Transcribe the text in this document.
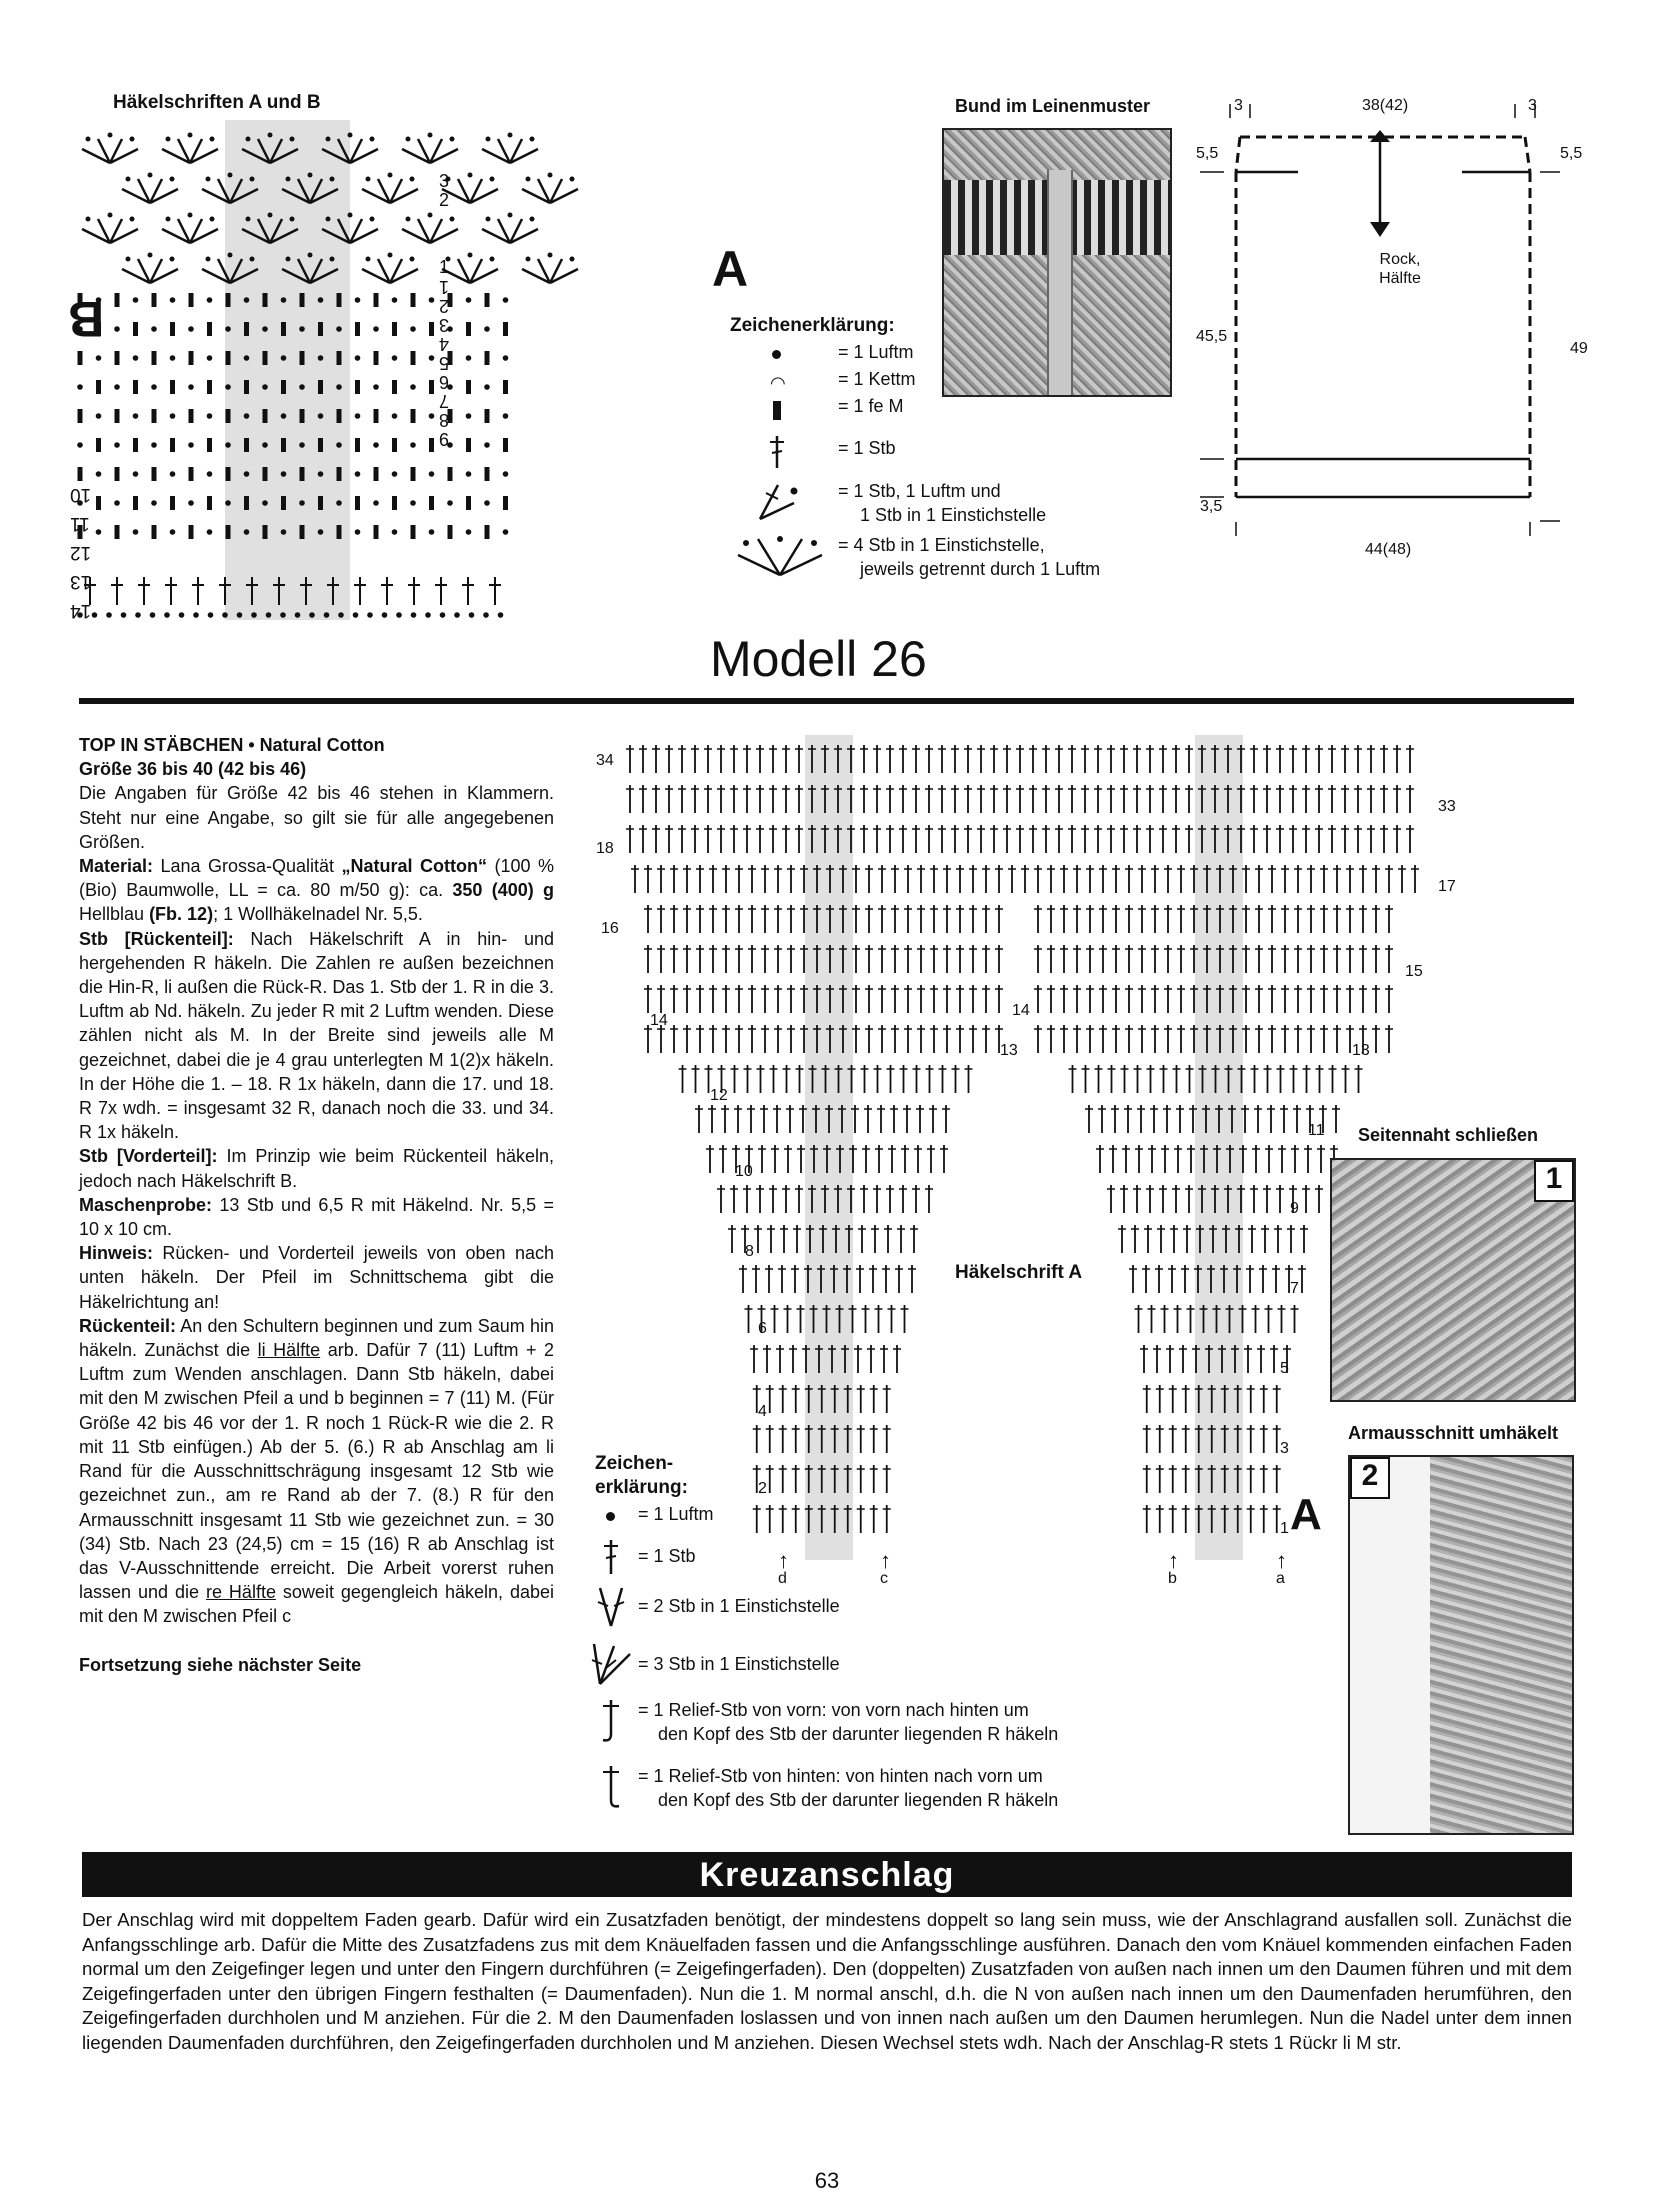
Häkelschriften A und B
A
B
10
11
12
13
14
3
2
1
1
2
3
4
5
6
7
8
9
Zeichenerklärung:
= 1 Luftm
◠	= 1 Kettm
= 1 fe M
= 1 Stb
= 1 Stb, 1 Luftm und
1 Stb in 1 Einstichstelle
= 4 Stb in 1 Einstichstelle,
jeweils getrennt durch 1 Luftm
Bund im Leinenmuster	3	38(42)	3
5,5	5,5
45,5
49
3,5
44(48)
Rock,
Hälfte
Modell 26

TOP IN STÄBCHEN • Natural Cotton

Größe 36 bis 40 (42 bis 46)

Die Angaben für Größe 42 bis 46 stehen in Klammern. Steht nur eine Angabe, so gilt sie für alle angegebenen Größen.

Material: Lana Grossa-Qualität „Natural Cotton“ (100 % (Bio) Baumwolle, LL = ca. 80 m/50 g): ca. 350 (400) g Hellblau (Fb. 12); 1 Wollhäkelnadel Nr. 5,5.

Stb [Rückenteil]: Nach Häkelschrift A in hin- und hergehenden R häkeln. Die Zahlen re außen bezeichnen die Hin-R, li außen die Rück-R. Das 1. Stb der 1. R in die 3. Luftm ab Nd. häkeln. Zu jeder R mit 2 Luftm wenden. Diese zählen nicht als M. In der Breite sind jeweils alle M gezeichnet, dabei die je 4 grau unterlegten M 1(2)x häkeln. In der Höhe die 1. – 18. R 1x häkeln, dann die 17. und 18. R 7x wdh. = insgesamt 32 R, danach noch die 33. und 34. R 1x häkeln.

Stb [Vorderteil]: Im Prinzip wie beim Rückenteil häkeln, jedoch nach Häkelschrift B.

Maschenprobe: 13 Stb und 6,5 R mit Häkelnd. Nr. 5,5 = 10 x 10 cm.

Hinweis: Rücken- und Vorderteil jeweils von oben nach unten häkeln. Der Pfeil im Schnittschema gibt die Häkelrichtung an!

Rückenteil: An den Schultern beginnen und zum Saum hin häkeln. Zunächst die li Hälfte arb. Dafür 7 (11) Luftm + 2 Luftm zum Wenden anschlagen. Dann Stb häkeln, dabei mit den M zwischen Pfeil a und b beginnen = 7 (11) M. (Für Größe 42 bis 46 vor der 1. R noch 1 Rück-R wie die 2. R mit 11 Stb einfügen.) Ab der 5. (6.) R ab Anschlag am li Rand für die Ausschnittschrägung insgesamt 12 Stb wie gezeichnet zun., am re Rand ab der 7. (8.) R für den Armausschnitt insgesamt 11 Stb wie gezeichnet zun. = 30 (34) Stb. Nach 23 (24,5) cm = 15 (16) R ab Anschlag ist das V-Ausschnittende erreicht. Die Arbeit vorerst ruhen lassen und die re Hälfte soweit gegengleich häkeln, dabei mit den M zwischen Pfeil c

Fortsetzung siehe nächster Seite

Häkelschrift A
A
34
18
16
14
12
10
8
6
4
2
33
17
15
13
11
9
7
5
3
1
14
13
↑
d
↑
c
↑
b
↑
a
Zeichen-
erklärung:
= 1 Luftm
= 1 Stb
= 2 Stb in 1 Einstichstelle
= 3 Stb in 1 Einstichstelle
= 1 Relief-Stb von vorn: von vorn nach hinten um
den Kopf des Stb der darunter liegenden R häkeln
= 1 Relief-Stb von hinten: von hinten nach vorn um
den Kopf des Stb der darunter liegenden R häkeln
Seitennaht schließen
1
Armausschnitt umhäkelt
2
Kreuzanschlag
Der Anschlag wird mit doppeltem Faden gearb. Dafür wird ein Zusatzfaden benötigt, der mindestens doppelt so lang sein muss, wie der Anschlagrand ausfallen soll. Zunächst die Anfangsschlinge arb. Dafür die Mitte des Zusatzfadens zus mit dem Knäuelfaden fassen und die Anfangsschlinge ausführen. Danach den vom Knäuel kommenden einfachen Faden normal um den Zeigefinger legen und unter den Fingern durchführen (= Zeigefingerfaden). Den (doppelten) Zusatzfaden von außen nach innen um den Daumen führen und mit dem Zeigefingerfaden unter den übrigen Fingern festhalten (= Daumenfaden). Nun die 1. M normal anschl, d.h. die N von außen nach innen um den Daumenfaden herumführen, den Zeigefingerfaden durchholen und M anziehen. Für die 2. M den Daumenfaden loslassen und von innen nach außen um den Daumen herumlegen. Nun die Nadel unter dem innen liegenden Daumenfaden durchführen, den Zeigefingerfaden durchholen und M anziehen. Diesen Wechsel stets wdh. Nach der Anschlag-R stets 1 Rückr li M str.
63
